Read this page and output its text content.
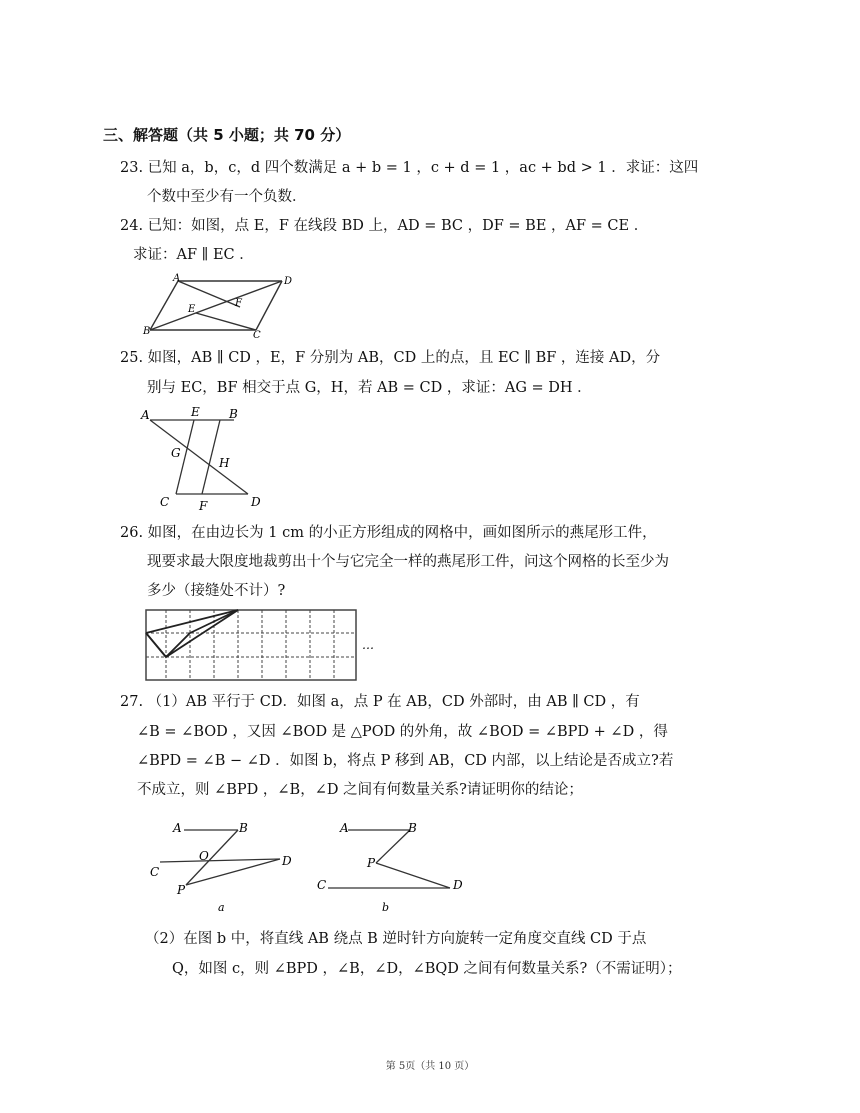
三、解答题（共 5 小题；共 70 分）
23. 已知 a，b，c，d 四个数满足 a + b = 1 ，c + d = 1 ，ac + bd > 1 ．求证：这四
个数中至少有一个负数．
24. 已知：如图，点 E，F 在线段 BD 上，AD = BC ，DF = BE ，AF = CE ．
求证：AF ∥ EC ．
A	D
B	C
E
F
25. 如图，AB ∥ CD ，E，F 分别为 AB，CD 上的点，且 EC ∥ BF ，连接 AD，分
别与 EC，BF 相交于点 G，H，若 AB = CD ，求证：AG = DH ．
A	E B
G
H
C F	D
26. 如图，在由边长为 1 cm 的小正方形组成的网格中，画如图所示的燕尾形工件，
现要求最大限度地裁剪出十个与它完全一样的燕尾形工件，问这个网格的长至少为
多少（接缝处不计）?
…
27. （1）AB 平行于 CD．如图 a，点 P 在 AB，CD 外部时，由 AB ∥ CD ，有
∠B = ∠BOD ，又因 ∠BOD 是 △POD 的外角，故 ∠BOD = ∠BPD + ∠D ，得
∠BPD = ∠B − ∠D ．如图 b，将点 P 移到 AB，CD 内部，以上结论是否成立?若
不成立，则 ∠BPD ，∠B，∠D 之间有何数量关系?请证明你的结论；
A	B
O
C
D
P
a
A	B
P
C	D
b
（2）在图 b 中，将直线 AB 绕点 B 逆时针方向旋转一定角度交直线 CD 于点
Q，如图 c，则 ∠BPD ，∠B，∠D，∠BQD 之间有何数量关系?（不需证明）；
第 5页（共 10 页）
